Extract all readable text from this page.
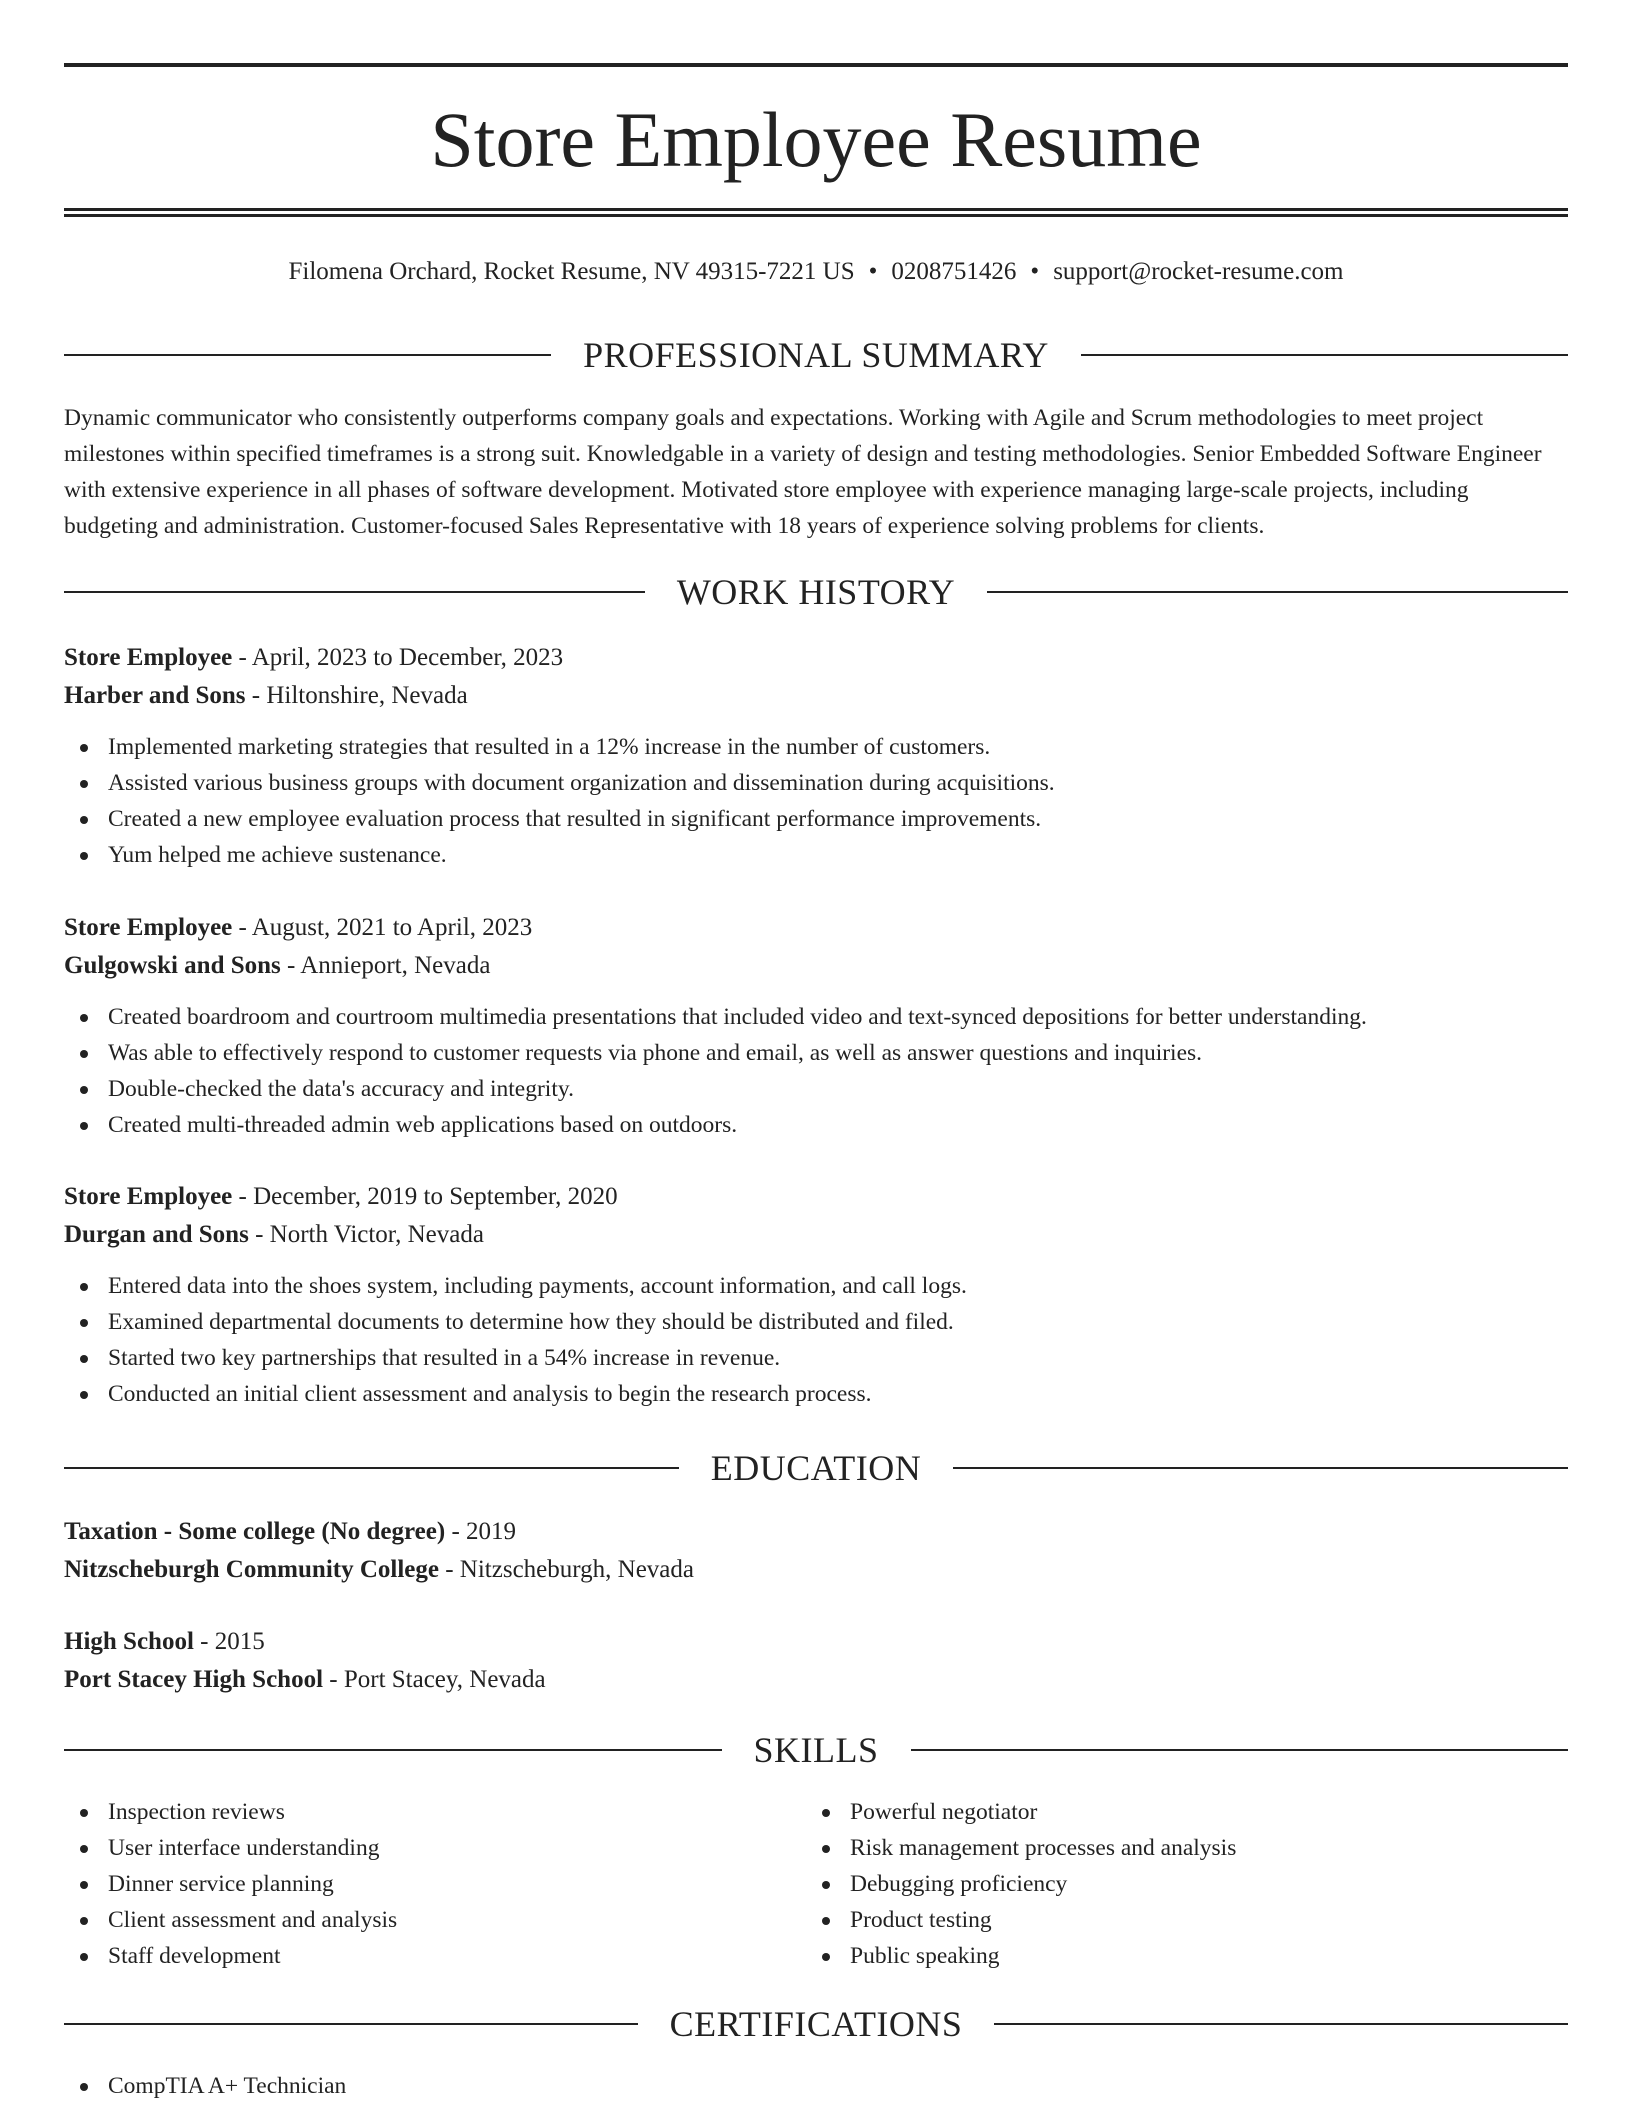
Store Employee Resume
Filomena Orchard, Rocket Resume, NV 49315-7221 US • 0208751426 • support@rocket-resume.com
PROFESSIONAL SUMMARY

Dynamic communicator who consistently outperforms company goals and expectations. Working with Agile and Scrum methodologies to meet project milestones within specified timeframes is a strong suit. Knowledgable in a variety of design and testing methodologies. Senior Embedded Software Engineer with extensive experience in all phases of software development. Motivated store employee with experience managing large-scale projects, including budgeting and administration. Customer-focused Sales Representative with 18 years of experience solving problems for clients.

WORK HISTORY
Store Employee - April, 2023 to December, 2023
Harber and Sons - Hiltonshire, Nevada
Implemented marketing strategies that resulted in a 12% increase in the number of customers.
Assisted various business groups with document organization and dissemination during acquisitions.
Created a new employee evaluation process that resulted in significant performance improvements.
Yum helped me achieve sustenance.
Store Employee - August, 2021 to April, 2023
Gulgowski and Sons - Annieport, Nevada
Created boardroom and courtroom multimedia presentations that included video and text-synced depositions for better understanding.
Was able to effectively respond to customer requests via phone and email, as well as answer questions and inquiries.
Double-checked the data's accuracy and integrity.
Created multi-threaded admin web applications based on outdoors.
Store Employee - December, 2019 to September, 2020
Durgan and Sons - North Victor, Nevada
Entered data into the shoes system, including payments, account information, and call logs.
Examined departmental documents to determine how they should be distributed and filed.
Started two key partnerships that resulted in a 54% increase in revenue.
Conducted an initial client assessment and analysis to begin the research process.
EDUCATION
Taxation - Some college (No degree) - 2019
Nitzscheburgh Community College - Nitzscheburgh, Nevada
High School - 2015
Port Stacey High School - Port Stacey, Nevada
SKILLS
Inspection reviews
User interface understanding
Dinner service planning
Client assessment and analysis
Staff development
Powerful negotiator
Risk management processes and analysis
Debugging proficiency
Product testing
Public speaking
CERTIFICATIONS
CompTIA A+ Technician
